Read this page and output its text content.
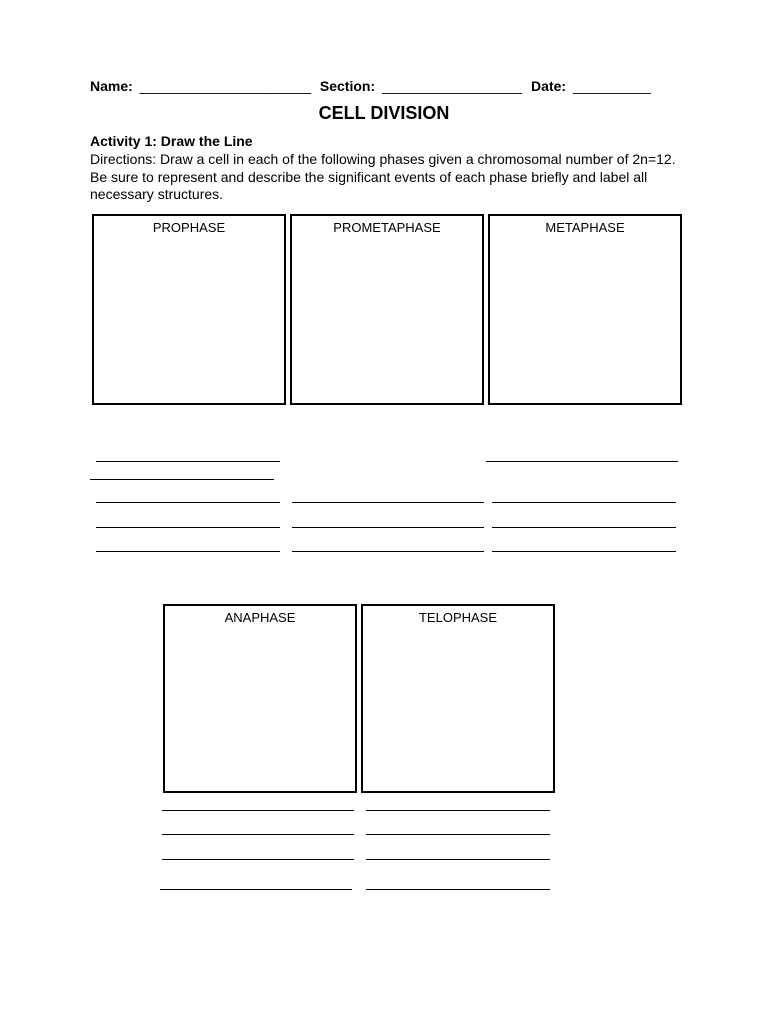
Name: ______________________ Section: __________________ Date: __________
CELL DIVISION
Activity 1: Draw the Line
Directions: Draw a cell in each of the following phases given a chromosomal number of 2n=12. Be sure to represent and describe the significant events of each phase briefly and label all necessary structures.
PROPHASE	PROMETAPHASE	METAPHASE
ANAPHASE	TELOPHASE
